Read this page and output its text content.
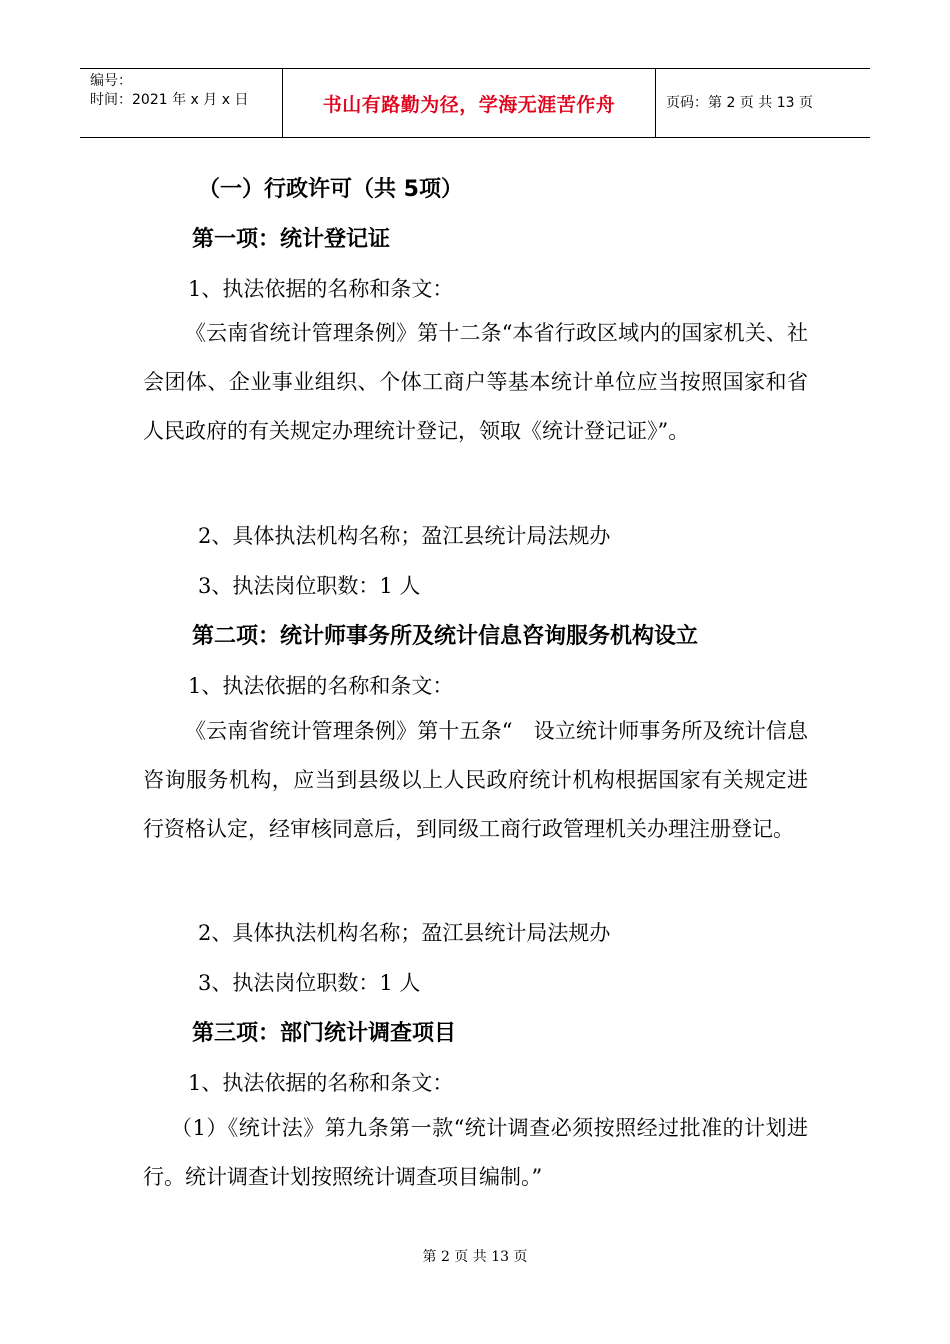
编号：
时间：2021 年 x 月 x 日	书山有路勤为径，学海无涯苦作舟	页码：第 2 页 共 13 页
（一）行政许可（共 5项）
第一项：统计登记证
1、执法依据的名称和条文：
《云南省统计管理条例》第十二条“本省行政区域内的国家机关、社会团体、企业事业组织、个体工商户等基本统计单位应当按照国家和省人民政府的有关规定办理统计登记，领取《统计登记证》”。
2、具体执法机构名称；盈江县统计局法规办
3、执法岗位职数：1 人
第二项：统计师事务所及统计信息咨询服务机构设立
1、执法依据的名称和条文：
《云南省统计管理条例》第十五条“　设立统计师事务所及统计信息咨询服务机构，应当到县级以上人民政府统计机构根据国家有关规定进行资格认定，经审核同意后，到同级工商行政管理机关办理注册登记。
2、具体执法机构名称；盈江县统计局法规办
3、执法岗位职数：1 人
第三项：部门统计调查项目
1、执法依据的名称和条文：
（1）《统计法》第九条第一款“统计调查必须按照经过批准的计划进行。统计调查计划按照统计调查项目编制。”
第 2 页 共 13 页
